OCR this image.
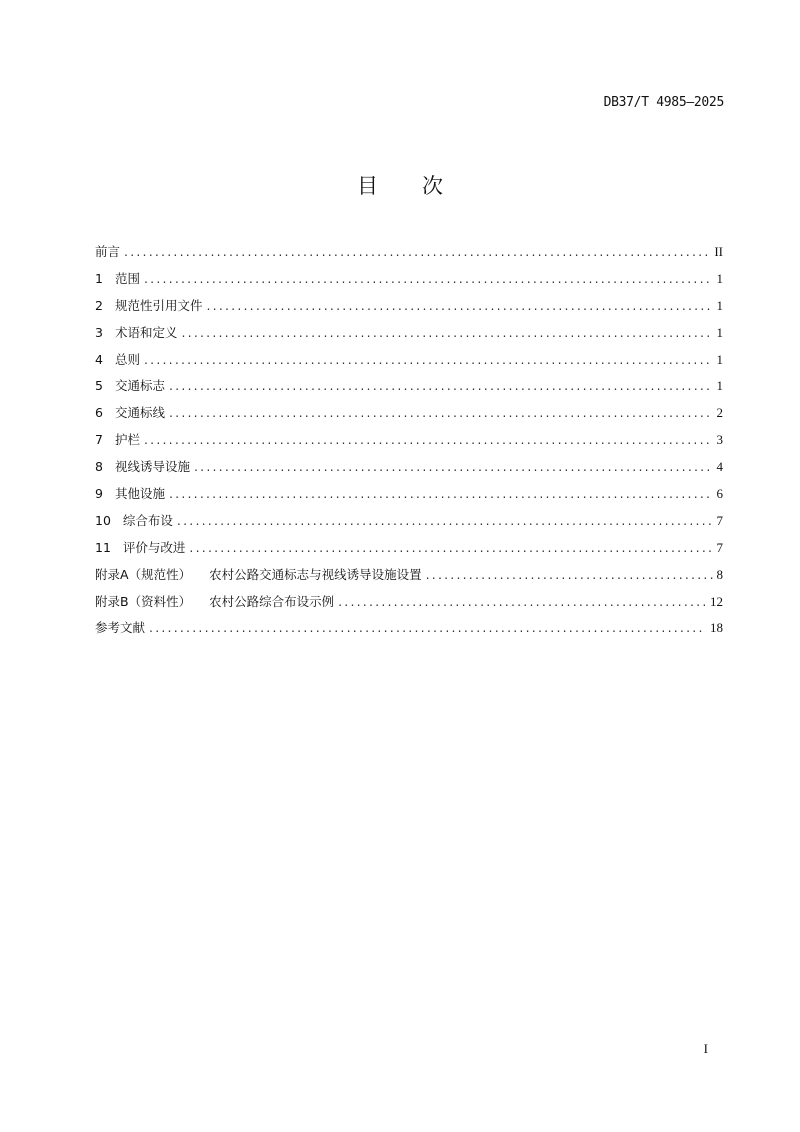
DB37/T 4985—2025
目 次
前言 .....	II
1 范围 .....	1
2 规范性引用文件 .....	1
3 术语和定义 .....	1
4 总则 .....	1
5 交通标志 .....	1
6 交通标线 .....	2
7 护栏 .....	3
8 视线诱导设施 .....	4
9 其他设施 .....	6
10 综合布设 .....	7
11 评价与改进 .....	7
附录A（规范性） 农村公路交通标志与视线诱导设施设置 .....	8
附录B（资料性） 农村公路综合布设示例 .....	12
参考文献 .....	18
I
